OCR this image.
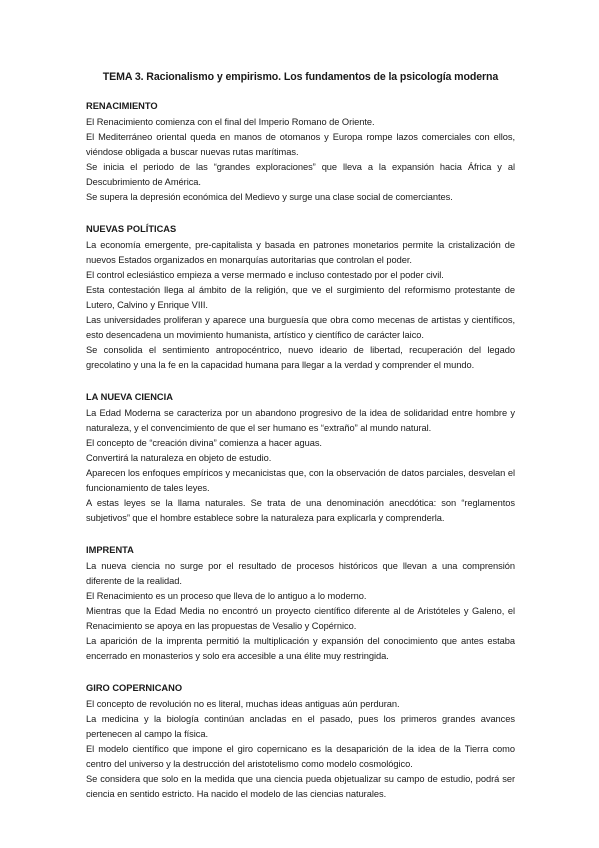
TEMA 3. Racionalismo y empirismo. Los fundamentos de la psicología moderna
RENACIMIENTO

El Renacimiento comienza con el final del Imperio Romano de Oriente.

El Mediterráneo oriental queda en manos de otomanos y Europa rompe lazos comerciales con ellos, viéndose obligada a buscar nuevas rutas marítimas.

Se inicia el periodo de las “grandes exploraciones” que lleva a la expansión hacia África y al Descubrimiento de América.

Se supera la depresión económica del Medievo y surge una clase social de comerciantes.

NUEVAS POLÍTICAS

La economía emergente, pre-capitalista y basada en patrones monetarios permite la cristalización de nuevos Estados organizados en monarquías autoritarias que controlan el poder.

El control eclesiástico empieza a verse mermado e incluso contestado por el poder civil.

Esta contestación llega al ámbito de la religión, que ve el surgimiento del reformismo protestante de Lutero, Calvino y Enrique VIII.

Las universidades proliferan y aparece una burguesía que obra como mecenas de artistas y científicos, esto desencadena un movimiento humanista, artístico y científico de carácter laico.

Se consolida el sentimiento antropocéntrico, nuevo ideario de libertad, recuperación del legado grecolatino y una la fe en la capacidad humana para llegar a la verdad y comprender el mundo.

LA NUEVA CIENCIA

La Edad Moderna se caracteriza por un abandono progresivo de la idea de solidaridad entre hombre y naturaleza, y el convencimiento de que el ser humano es “extraño” al mundo natural.

El concepto de “creación divina” comienza a hacer aguas.

Convertirá la naturaleza en objeto de estudio.

Aparecen los enfoques empíricos y mecanicistas que, con la observación de datos parciales, desvelan el funcionamiento de tales leyes.

A estas leyes se la llama naturales. Se trata de una denominación anecdótica: son “reglamentos subjetivos” que el hombre establece sobre la naturaleza para explicarla y comprenderla.

IMPRENTA

La nueva ciencia no surge por el resultado de procesos históricos que llevan a una comprensión diferente de la realidad.

El Renacimiento es un proceso que lleva de lo antiguo a lo moderno.

Mientras que la Edad Media no encontró un proyecto científico diferente al de Aristóteles y Galeno, el Renacimiento se apoya en las propuestas de Vesalio y Copérnico.

La aparición de la imprenta permitió la multiplicación y expansión del conocimiento que antes estaba encerrado en monasterios y solo era accesible a una élite muy restringida.

GIRO COPERNICANO

El concepto de revolución no es literal, muchas ideas antiguas aún perduran.

La medicina y la biología continúan ancladas en el pasado, pues los primeros grandes avances pertenecen al campo la física.

El modelo científico que impone el giro copernicano es la desaparición de la idea de la Tierra como centro del universo y la destrucción del aristotelismo como modelo cosmológico.

Se considera que solo en la medida que una ciencia pueda objetualizar su campo de estudio, podrá ser ciencia en sentido estricto. Ha nacido el modelo de las ciencias naturales.
